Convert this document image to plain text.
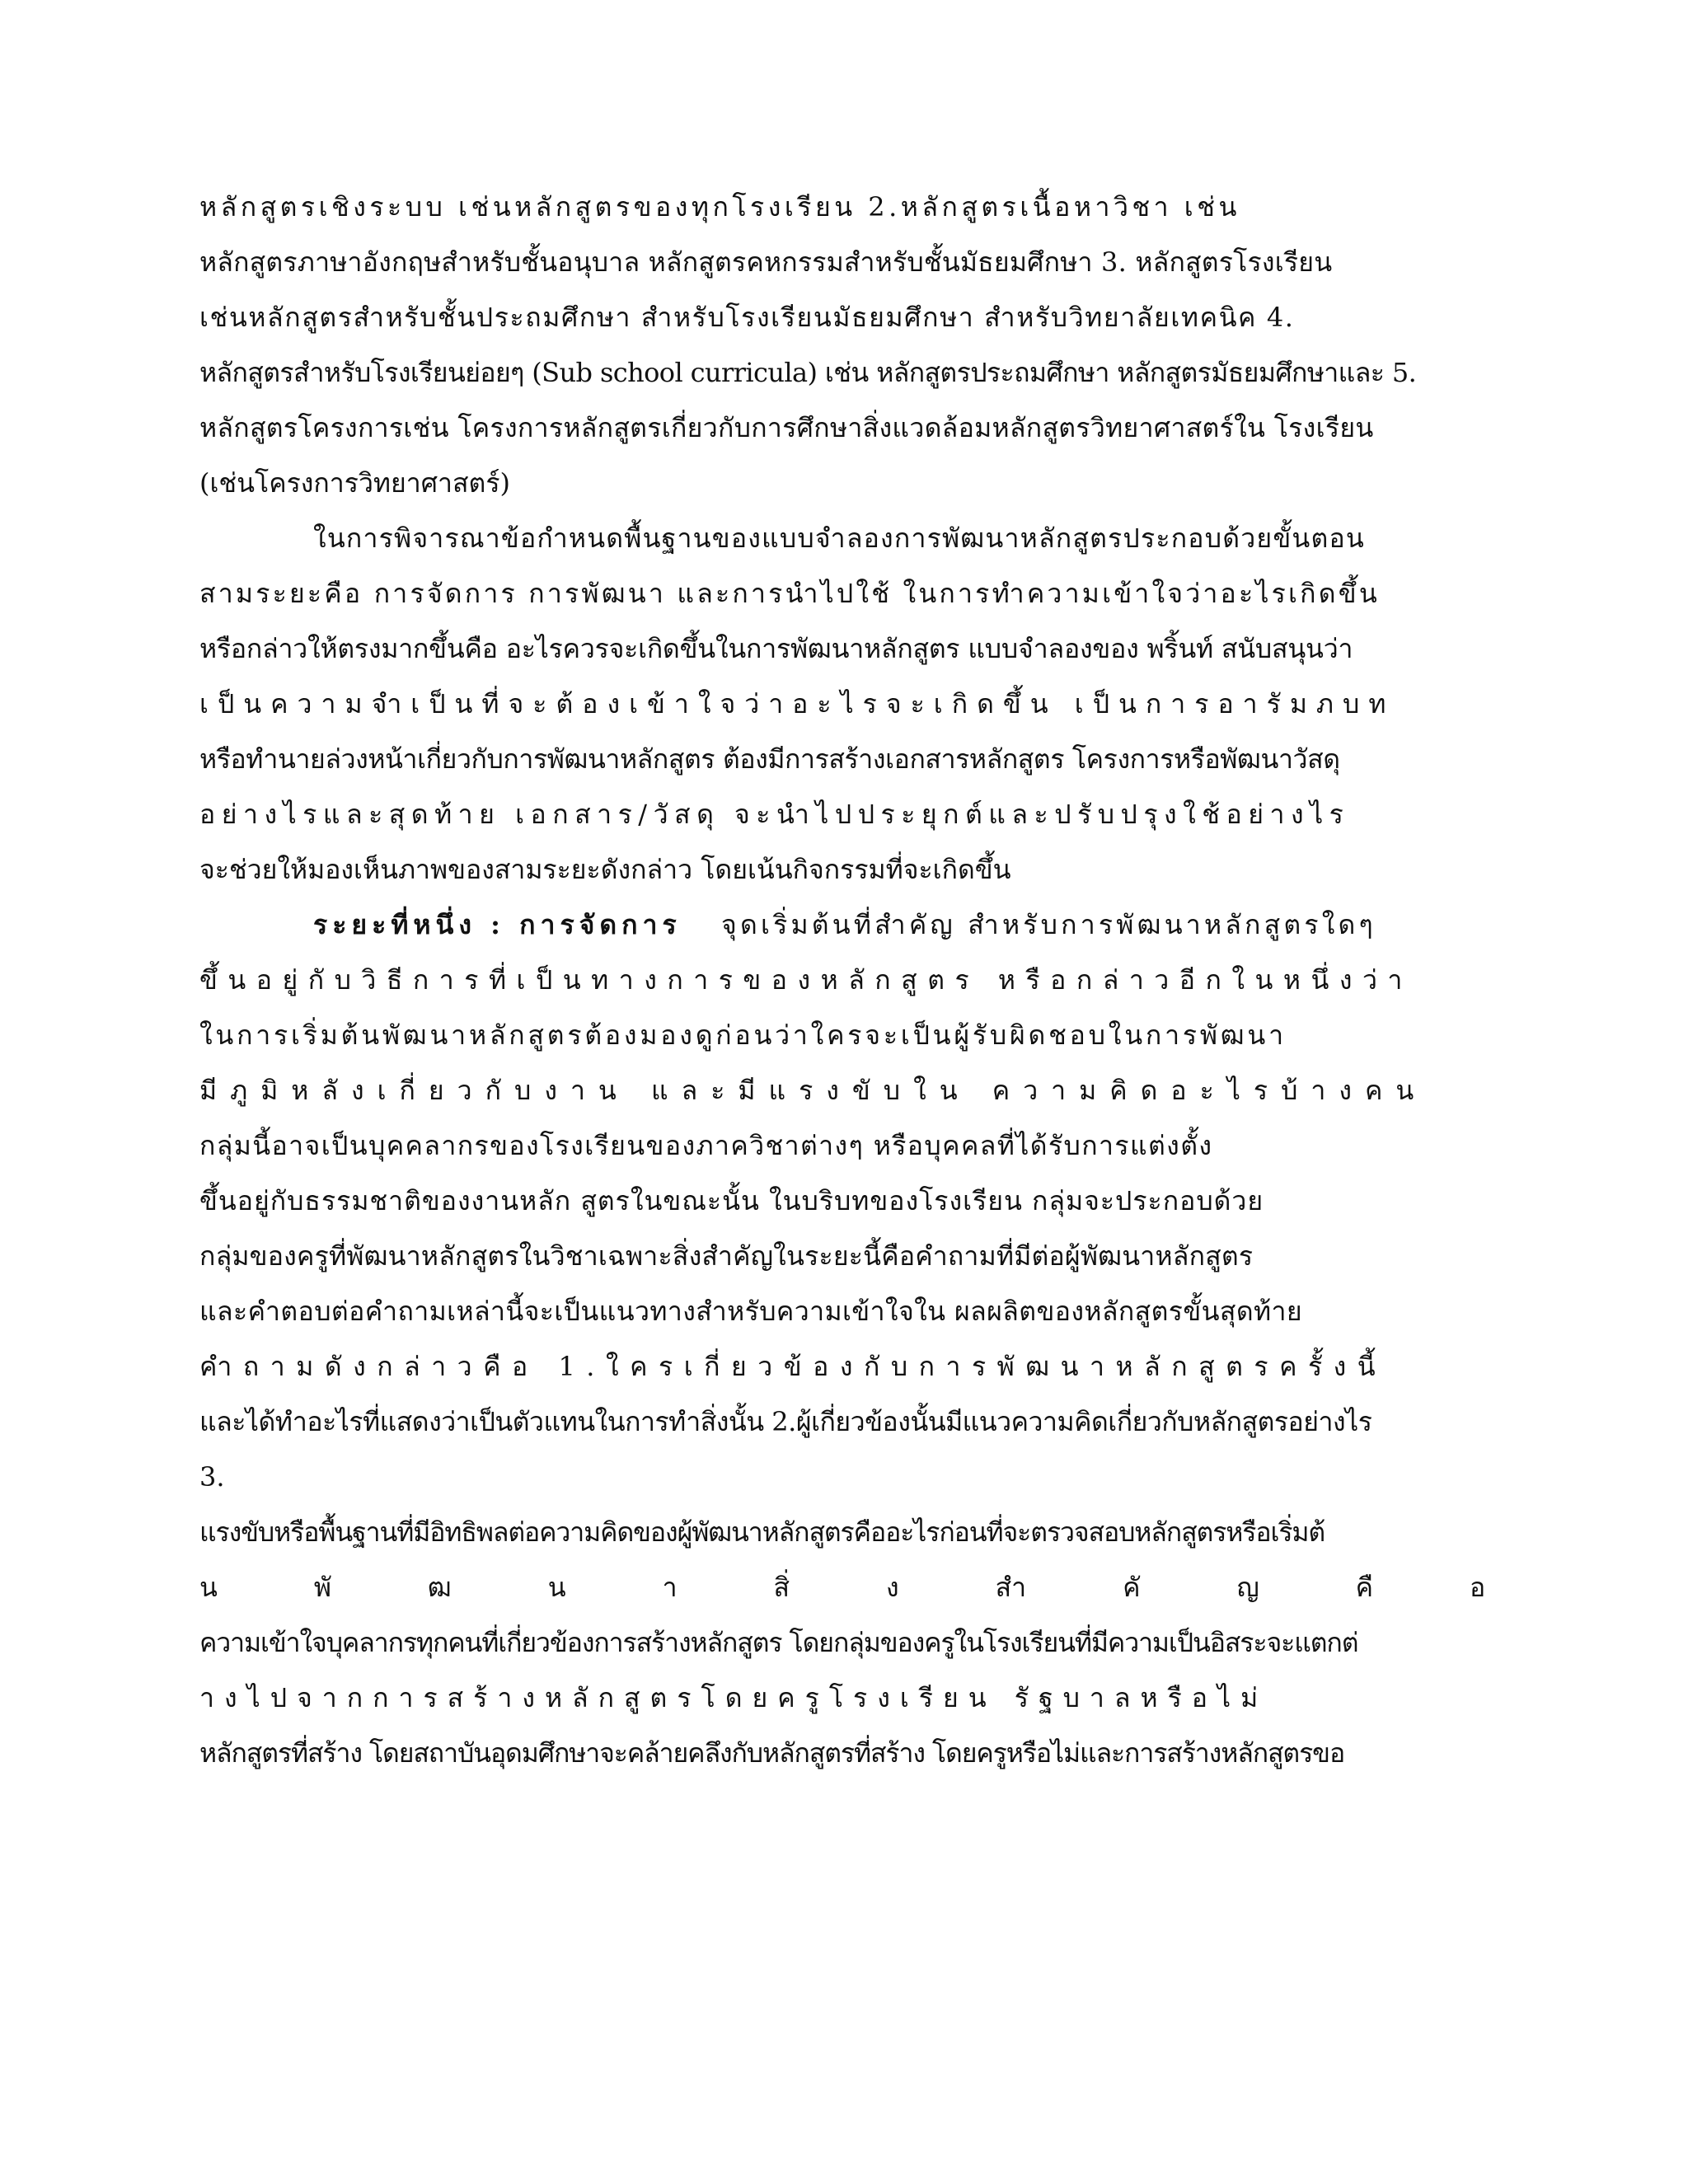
หลักสูตรเชิงระบบ เช่นหลักสูตรของทุกโรงเรียน 2.หลักสูตรเนื้อหาวิชา เช่น
หลักสูตรภาษาอังกฤษสำหรับชั้นอนุบาล หลักสูตรคหกรรมสำหรับชั้นมัธยมศึกษา 3. หลักสูตรโรงเรียน
เช่นหลักสูตรสำหรับชั้นประถมศึกษา สำหรับโรงเรียนมัธยมศึกษา สำหรับวิทยาลัยเทคนิค 4.
หลักสูตรสำหรับโรงเรียนย่อยๆ (Sub school curricula) เช่น หลักสูตรประถมศึกษา หลักสูตรมัธยมศึกษาและ 5.
หลักสูตรโครงการเช่น โครงการหลักสูตรเกี่ยวกับการศึกษาสิ่งแวดล้อมหลักสูตรวิทยาศาสตร์ใน โรงเรียน
(เช่นโครงการวิทยาศาสตร์)
ในการพิจารณาข้อกำหนดพื้นฐานของแบบจำลองการพัฒนาหลักสูตรประกอบด้วยขั้นตอน
สามระยะคือ การจัดการ การพัฒนา และการนำไปใช้ ในการทำความเข้าใจว่าอะไรเกิดขึ้น
หรือกล่าวให้ตรงมากขึ้นคือ อะไรควรจะเกิดขึ้นในการพัฒนาหลักสูตร แบบจำลองของ พริ้นท์ สนับสนุนว่า
เป็นความจำเป็นที่จะต้องเข้าใจว่าอะไรจะเกิดขึ้น เป็นการอารัมภบท
หรือทำนายล่วงหน้าเกี่ยวกับการพัฒนาหลักสูตร ต้องมีการสร้างเอกสารหลักสูตร โครงการหรือพัฒนาวัสดุ
อย่างไรและสุดท้าย เอกสาร/วัสดุ จะนำไปประยุกต์และปรับปรุงใช้อย่างไร
จะช่วยให้มองเห็นภาพของสามระยะดังกล่าว โดยเน้นกิจกรรมที่จะเกิดขึ้น
ระยะที่หนึ่ง : การจัดการ จุดเริ่มต้นที่สำคัญ สำหรับการพัฒนาหลักสูตรใดๆ
ขึ้นอยู่กับวิธีการที่เป็นทางการของหลักสูตร หรือกล่าวอีกในหนึ่งว่า
ในการเริ่มต้นพัฒนาหลักสูตรต้องมองดูก่อนว่าใครจะเป็นผู้รับผิดชอบในการพัฒนา
มีภูมิหลังเกี่ยวกับงาน และมีแรงขับใน ความคิดอะไรบ้างคน
กลุ่มนี้อาจเป็นบุคคลากรของโรงเรียนของภาควิชาต่างๆ หรือบุคคลที่ได้รับการแต่งตั้ง
ขึ้นอยู่กับธรรมชาติของงานหลัก สูตรในขณะนั้น ในบริบทของโรงเรียน กลุ่มจะประกอบด้วย
กลุ่มของครูที่พัฒนาหลักสูตรในวิชาเฉพาะสิ่งสำคัญในระยะนี้คือคำถามที่มีต่อผู้พัฒนาหลักสูตร
และคำตอบต่อคำถามเหล่านี้จะเป็นแนวทางสำหรับความเข้าใจใน ผลผลิตของหลักสูตรขั้นสุดท้าย
คำถามดังกล่าวคือ 1.ใครเกี่ยวข้องกับการพัฒนาหลักสูตรครั้งนี้
และได้ทำอะไรที่แสดงว่าเป็นตัวแทนในการทำสิ่งนั้น 2.ผู้เกี่ยวข้องนั้นมีแนวความคิดเกี่ยวกับหลักสูตรอย่างไร
3.
แรงขับหรือพื้นฐานที่มีอิทธิพลต่อความคิดของผู้พัฒนาหลักสูตรคืออะไรก่อนที่จะตรวจสอบหลักสูตรหรือเริ่มต้
น พั ฒ น า สิ่ ง สำ คั ญ คื อ
ความเข้าใจบุคลากรทุกคนที่เกี่ยวข้องการสร้างหลักสูตร โดยกลุ่มของครูในโรงเรียนที่มีความเป็นอิสระจะแตกต่
างไปจากการสร้างหลักสูตรโดยครูโรงเรียน รัฐบาลหรือไม่
หลักสูตรที่สร้าง โดยสถาบันอุดมศึกษาจะคล้ายคลึงกับหลักสูตรที่สร้าง โดยครูหรือไม่และการสร้างหลักสูตรขอ
